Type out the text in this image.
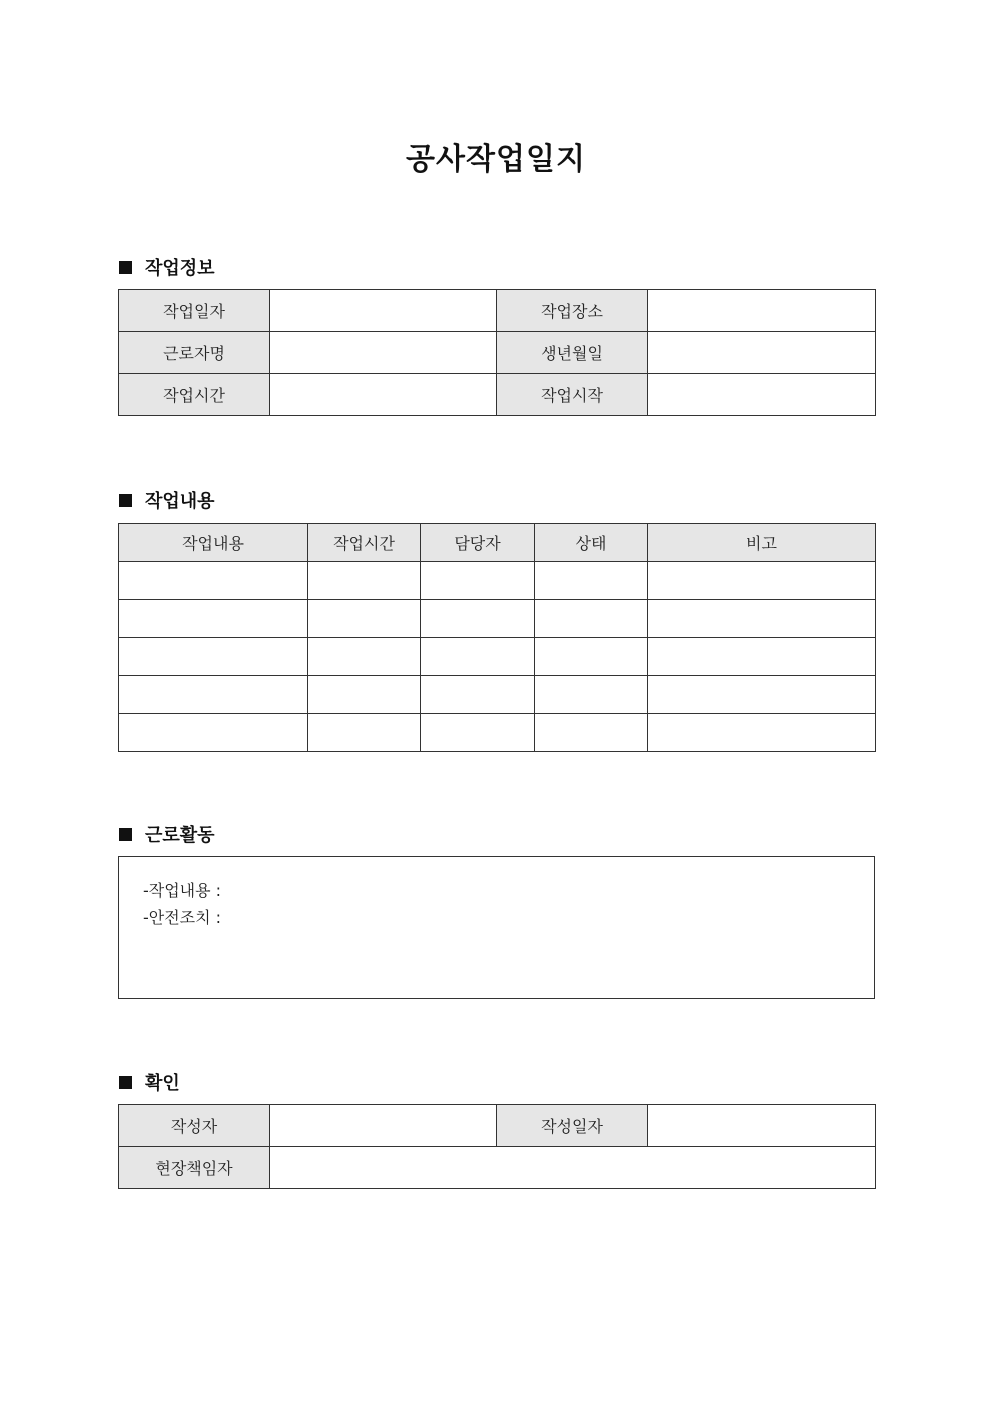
공사작업일지
작업정보
작업일자		작업장소	
근로자명		생년월일	
작업시간		작업시작	
작업내용
작업내용	작업시간	담당자	상태	비고

근로활동
-작업내용 :
-안전조치 :
확인
작성자		작성일자	
현장책임자			
